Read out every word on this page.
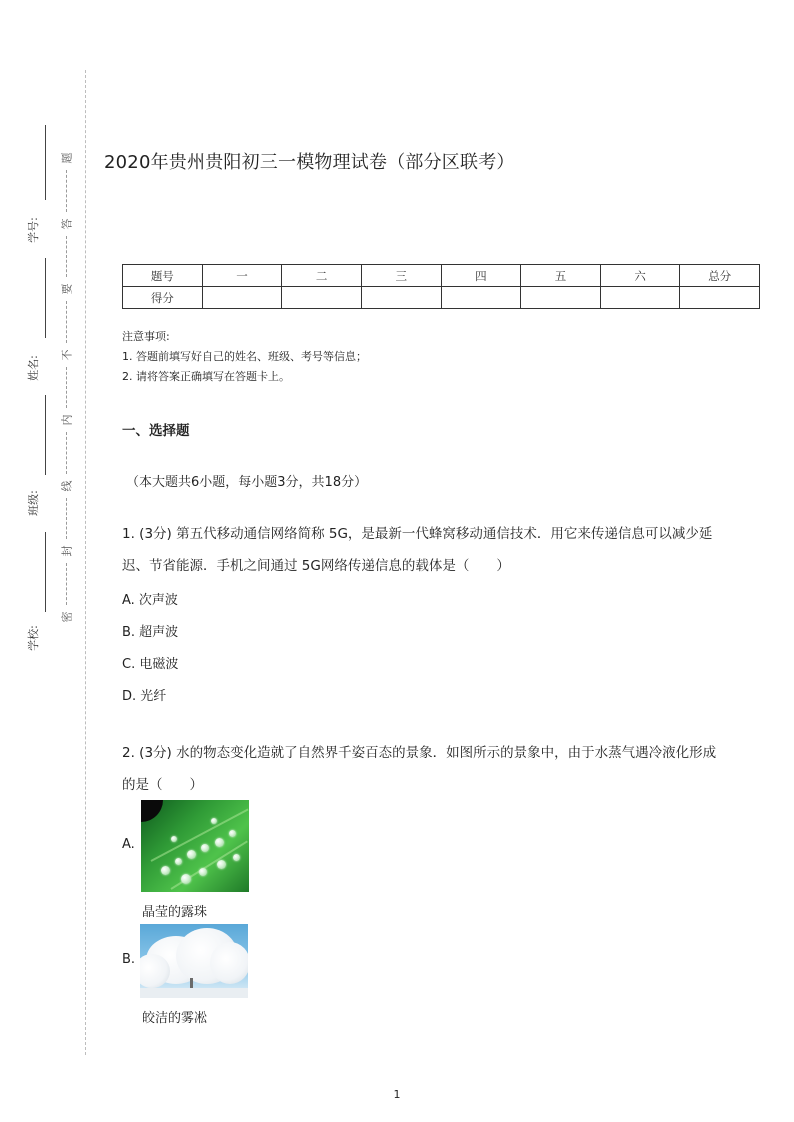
题
答
要
不
内
线
封
密
学号:
姓名:
班级:
学校:
2020年贵州贵阳初三一模物理试卷（部分区联考）
题号	一	二	三	四	五	六	总分
得分							
注意事项:
1. 答题前填写好自己的姓名、班级、考号等信息；
2. 请将答案正确填写在答题卡上。
一、选择题
（本大题共6小题，每小题3分，共18分）
1. (3分) 第五代移动通信网络简称 5G，是最新一代蜂窝移动通信技术．用它来传递信息可以减少延
迟、节省能源．手机之间通过 5G网络传递信息的载体是（　　）
A. 次声波
B. 超声波
C. 电磁波
D. 光纤
2. (3分) 水的物态变化造就了自然界千姿百态的景象．如图所示的景象中，由于水蒸气遇冷液化形成
的是（　　）
A.
晶莹的露珠
B.
皎洁的雾凇
1
